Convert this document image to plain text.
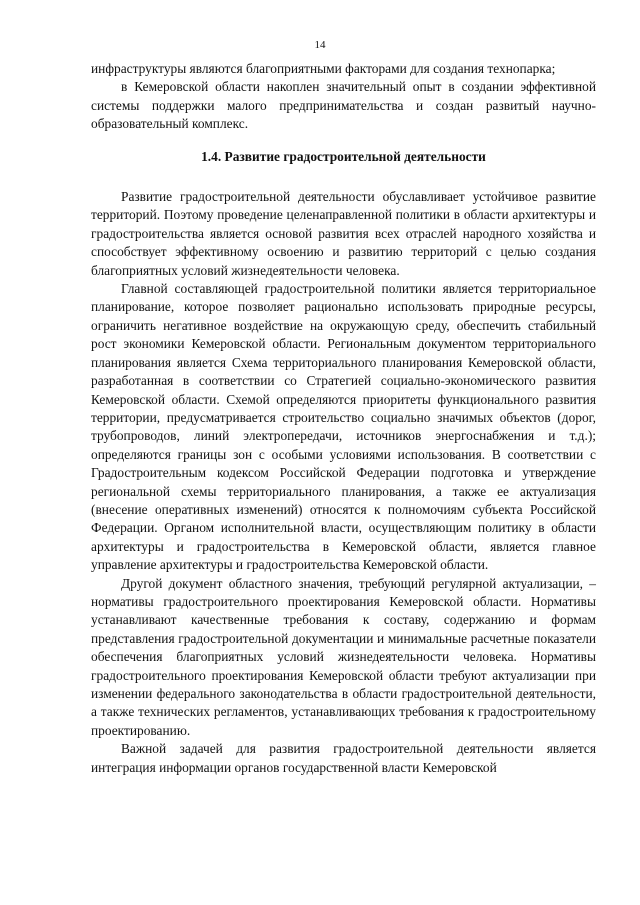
14

инфраструктуры являются благоприятными факторами для создания технопарка;

в Кемеровской области накоплен значительный опыт в создании эффективной системы поддержки малого предпринимательства и создан развитый научно-образовательный комплекс.

1.4. Развитие градостроительной деятельности

Развитие градостроительной деятельности обуславливает устойчивое развитие территорий. Поэтому проведение целенаправленной политики в области архитектуры и градостроительства является основой развития всех отраслей народного хозяйства и способствует эффективному освоению и развитию территорий с целью создания благоприятных условий жизнедеятельности человека.

Главной составляющей градостроительной политики является территориальное планирование, которое позволяет рационально использовать природные ресурсы, ограничить негативное воздействие на окружающую среду, обеспечить стабильный рост экономики Кемеровской области. Региональным документом территориального планирования является Схема территориального планирования Кемеровской области, разработанная в соответствии со Стратегией социально-экономического развития Кемеровской области. Схемой определяются приоритеты функционального развития территории, предусматривается строительство социально значимых объектов (дорог, трубопроводов, линий электропередачи, источников энергоснабжения и т.д.); определяются границы зон с особыми условиями использования. В соответствии с Градостроительным кодексом Российской Федерации подготовка и утверждение региональной схемы территориального планирования, а также ее актуализация (внесение оперативных изменений) относятся к полномочиям субъекта Российской Федерации. Органом исполнительной власти, осуществляющим политику в области архитектуры и градостроительства в Кемеровской области, является главное управление архитектуры и градостроительства Кемеровской области.

Другой документ областного значения, требующий регулярной актуализации, – нормативы градостроительного проектирования Кемеровской области. Нормативы устанавливают качественные требования к составу, содержанию и формам представления градостроительной документации и минимальные расчетные показатели обеспечения благоприятных условий жизнедеятельности человека. Нормативы градостроительного проектирования Кемеровской области требуют актуализации при изменении федерального законодательства в области градостроительной деятельности, а также технических регламентов, устанавливающих требования к градостроительному проектированию.

Важной задачей для развития градостроительной деятельности является интеграция информации органов государственной власти Кемеровской
